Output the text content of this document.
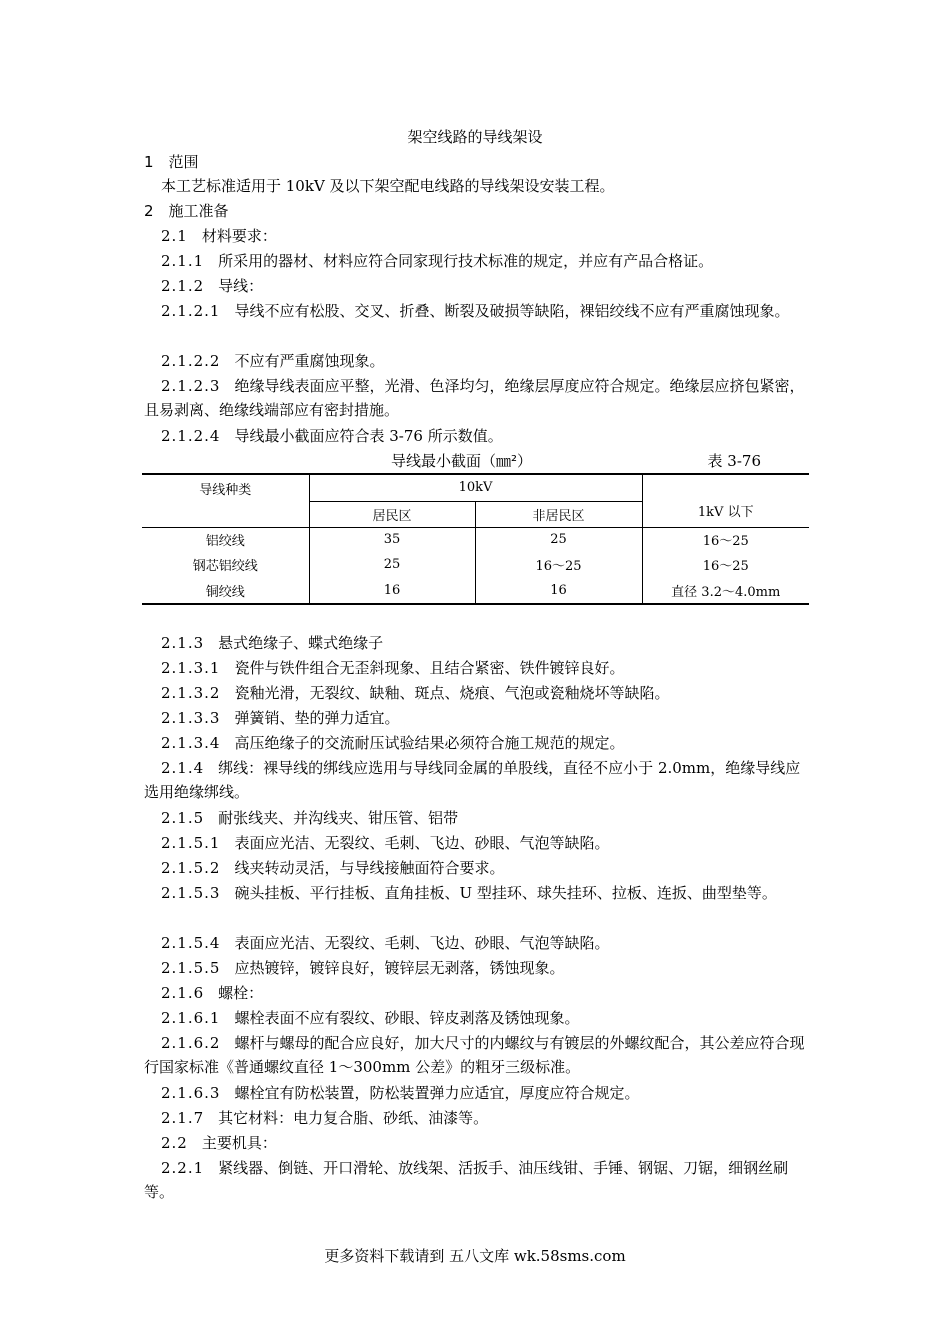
架空线路的导线架设

1 范围

本工艺标准适用于 10kV 及以下架空配电线路的导线架设安装工程。

2 施工准备

2.1 材料要求：

2.1.1 所采用的器材、材料应符合同家现行技术标准的规定，并应有产品合格证。

2.1.2 导线：

2.1.2.1 导线不应有松股、交叉、折叠、断裂及破损等缺陷，裸铝绞线不应有严重腐蚀现象。

2.1.2.2 不应有严重腐蚀现象。

2.1.2.3 绝缘导线表面应平整，光滑、色泽均匀，绝缘层厚度应符合规定。绝缘层应挤包紧密，且易剥离、绝缘线端部应有密封措施。

2.1.2.4 导线最小截面应符合表 3-76 所示数值。

导线最小截面（㎜²）	表 3-76
导线种类	10kV		1kV 以下
	居民区	非居民区	
铝绞线	35	25	16～25
钢芯铝绞线	25	16～25	16～25
铜绞线	16	16	直径 3.2～4.0mm

2.1.3 悬式绝缘子、蝶式绝缘子

2.1.3.1 瓷件与铁件组合无歪斜现象、且结合紧密、铁件镀锌良好。

2.1.3.2 瓷釉光滑，无裂纹、缺釉、斑点、烧痕、气泡或瓷釉烧坏等缺陷。

2.1.3.3 弹簧销、垫的弹力适宜。

2.1.3.4 高压绝缘子的交流耐压试验结果必须符合施工规范的规定。

2.1.4 绑线：裸导线的绑线应选用与导线同金属的单股线，直径不应小于 2.0mm，绝缘导线应选用绝缘绑线。

2.1.5 耐张线夹、并沟线夹、钳压管、铝带

2.1.5.1 表面应光洁、无裂纹、毛刺、飞边、砂眼、气泡等缺陷。

2.1.5.2 线夹转动灵活，与导线接触面符合要求。

2.1.5.3 碗头挂板、平行挂板、直角挂板、U 型挂环、球失挂环、拉板、连扳、曲型垫等。

2.1.5.4 表面应光洁、无裂纹、毛刺、飞边、砂眼、气泡等缺陷。

2.1.5.5 应热镀锌，镀锌良好，镀锌层无剥落，锈蚀现象。

2.1.6 螺栓：

2.1.6.1 螺栓表面不应有裂纹、砂眼、锌皮剥落及锈蚀现象。

2.1.6.2 螺杆与螺母的配合应良好，加大尺寸的内螺纹与有镀层的外螺纹配合，其公差应符合现行国家标准《普通螺纹直径 1～300mm 公差》的粗牙三级标准。

2.1.6.3 螺栓宜有防松装置，防松装置弹力应适宜，厚度应符合规定。

2.1.7 其它材料：电力复合脂、砂纸、油漆等。

2.2 主要机具：

2.2.1 紧线器、倒链、开口滑轮、放线架、活扳手、油压线钳、手锤、钢锯、刀锯，细钢丝刷等。

更多资料下载请到 五八文库 wk.58sms.com
